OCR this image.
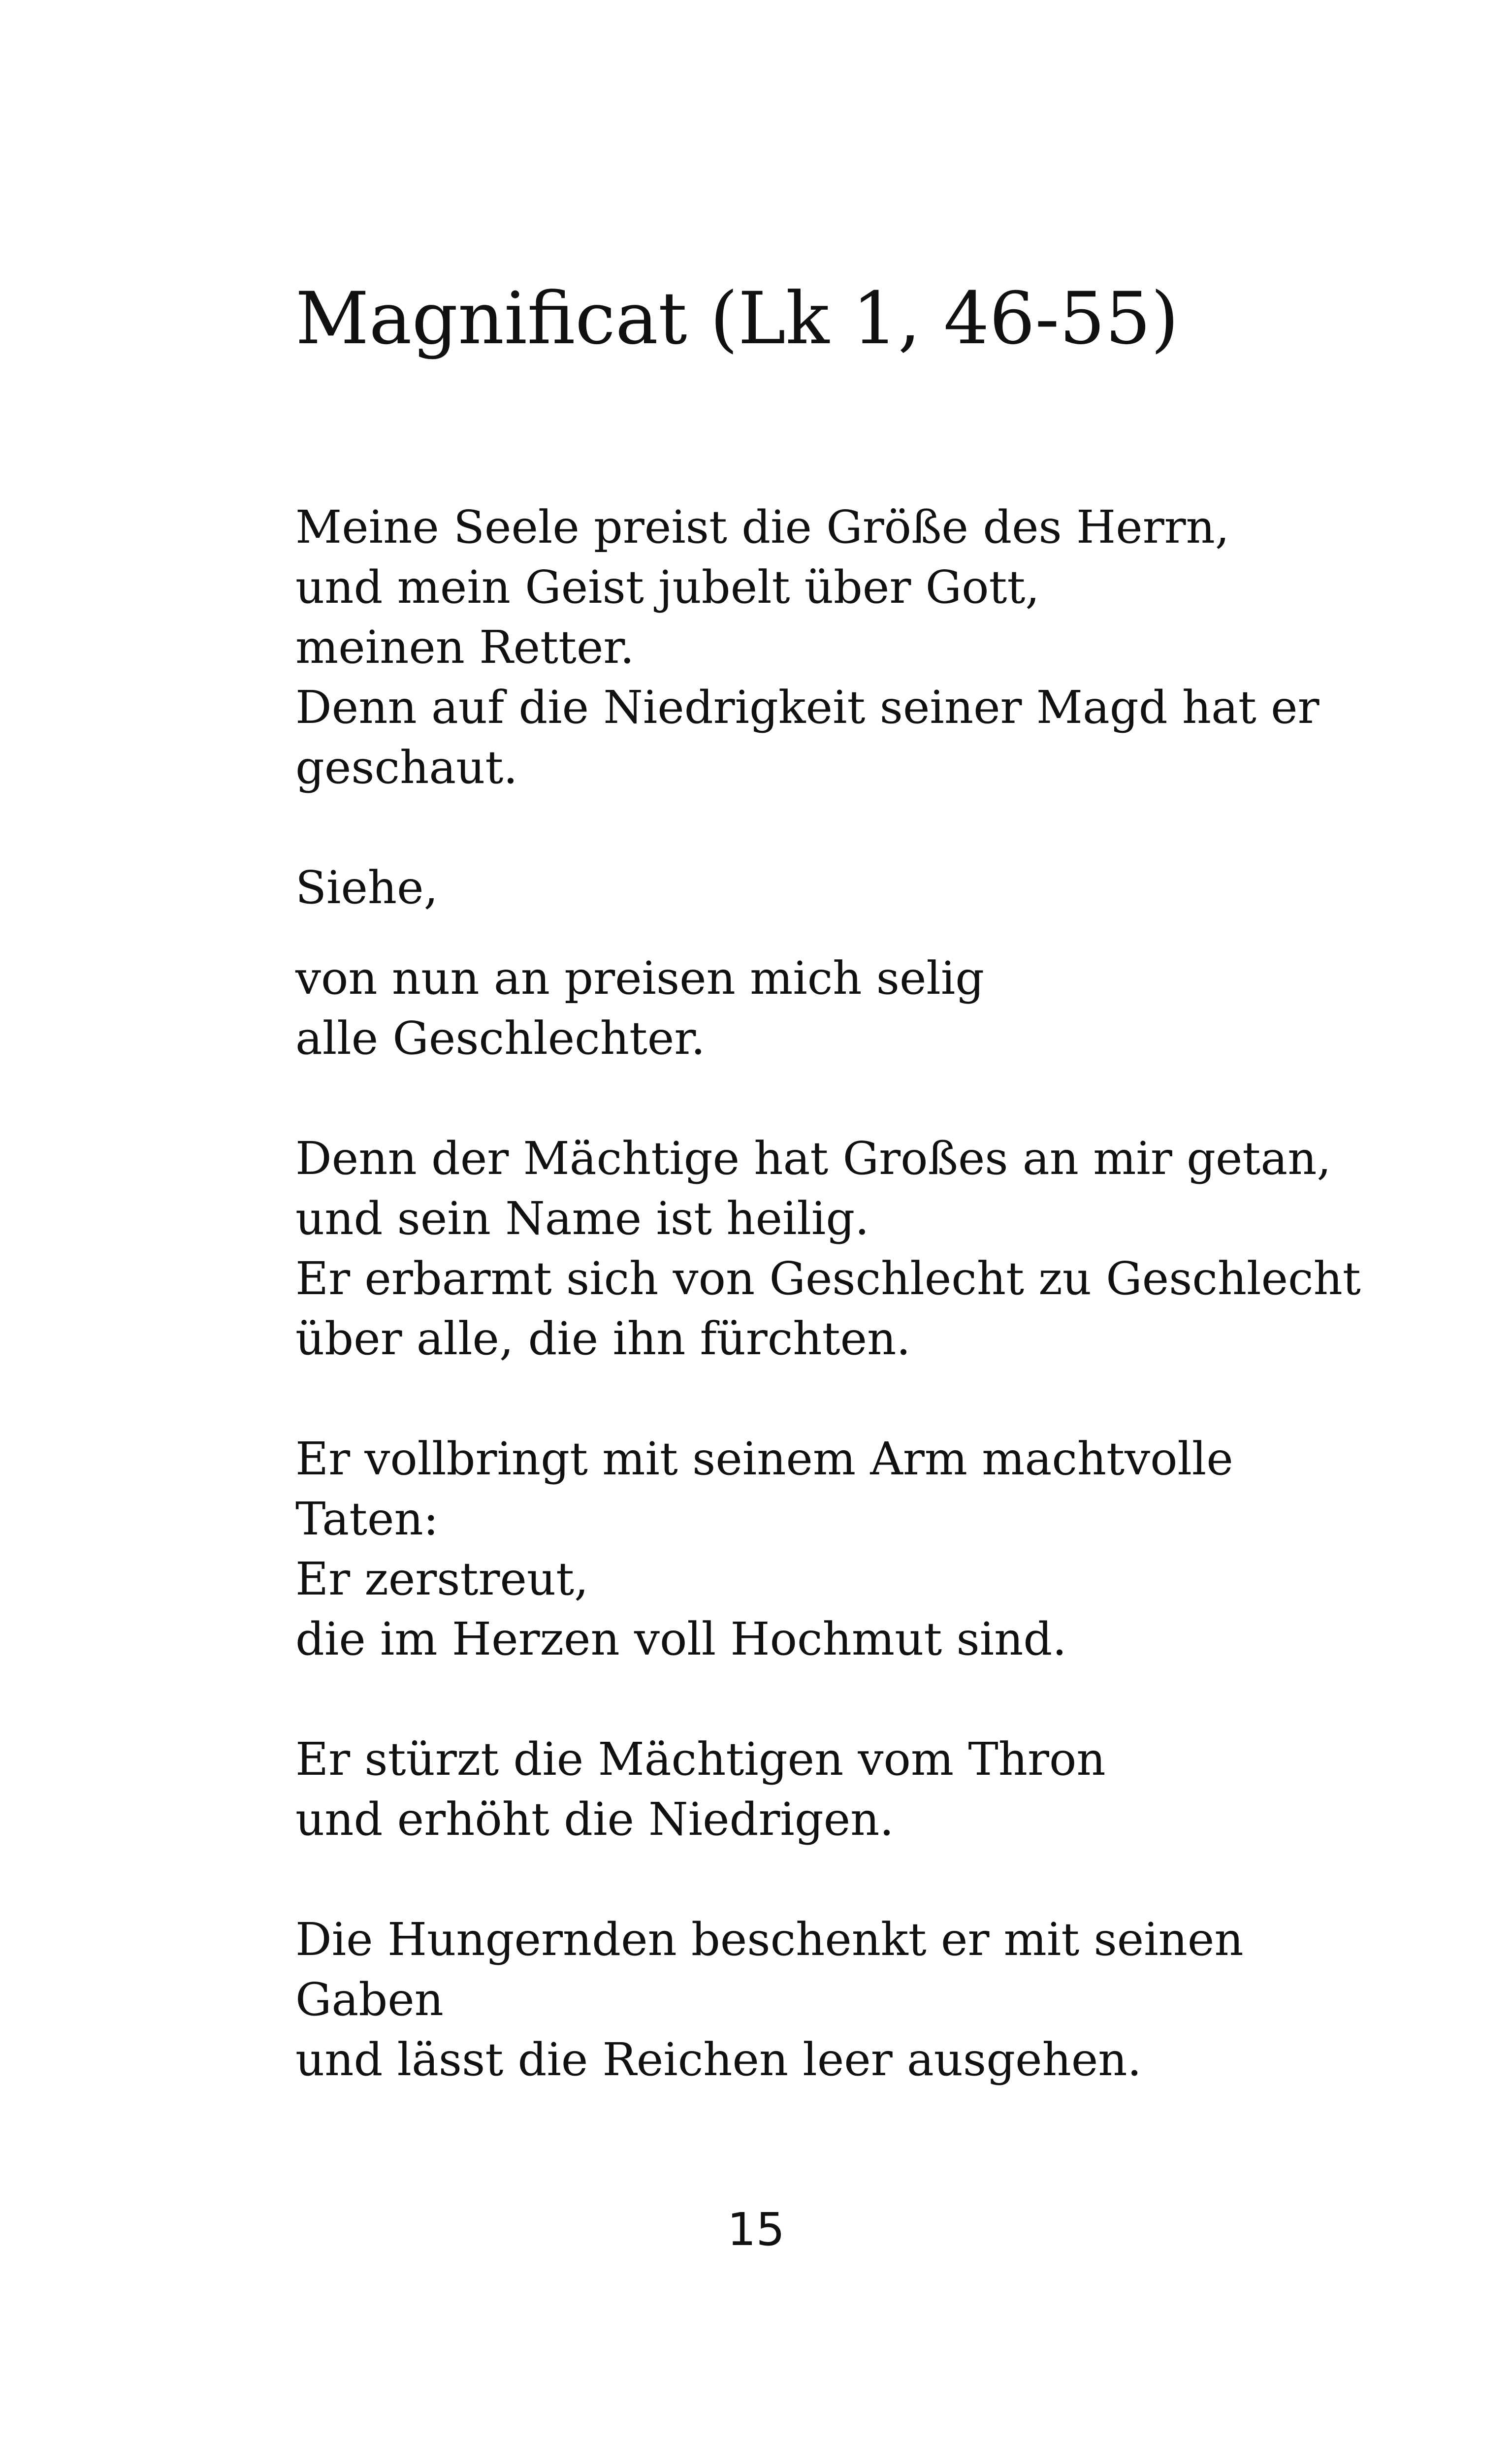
Magnificat (Lk 1, 46-55)

Meine Seele preist die Größe des Herrn,
und mein Geist jubelt über Gott,
meinen Retter.
Denn auf die Niedrigkeit seiner Magd hat er
geschaut.

Siehe,

von nun an preisen mich selig
alle Geschlechter.

Denn der Mächtige hat Großes an mir getan,
und sein Name ist heilig.
Er erbarmt sich von Geschlecht zu Geschlecht
über alle, die ihn fürchten.

Er vollbringt mit seinem Arm machtvolle
Taten:
Er zerstreut,
die im Herzen voll Hochmut sind.

Er stürzt die Mächtigen vom Thron
und erhöht die Niedrigen.

Die Hungernden beschenkt er mit seinen
Gaben
und lässt die Reichen leer ausgehen.

15
